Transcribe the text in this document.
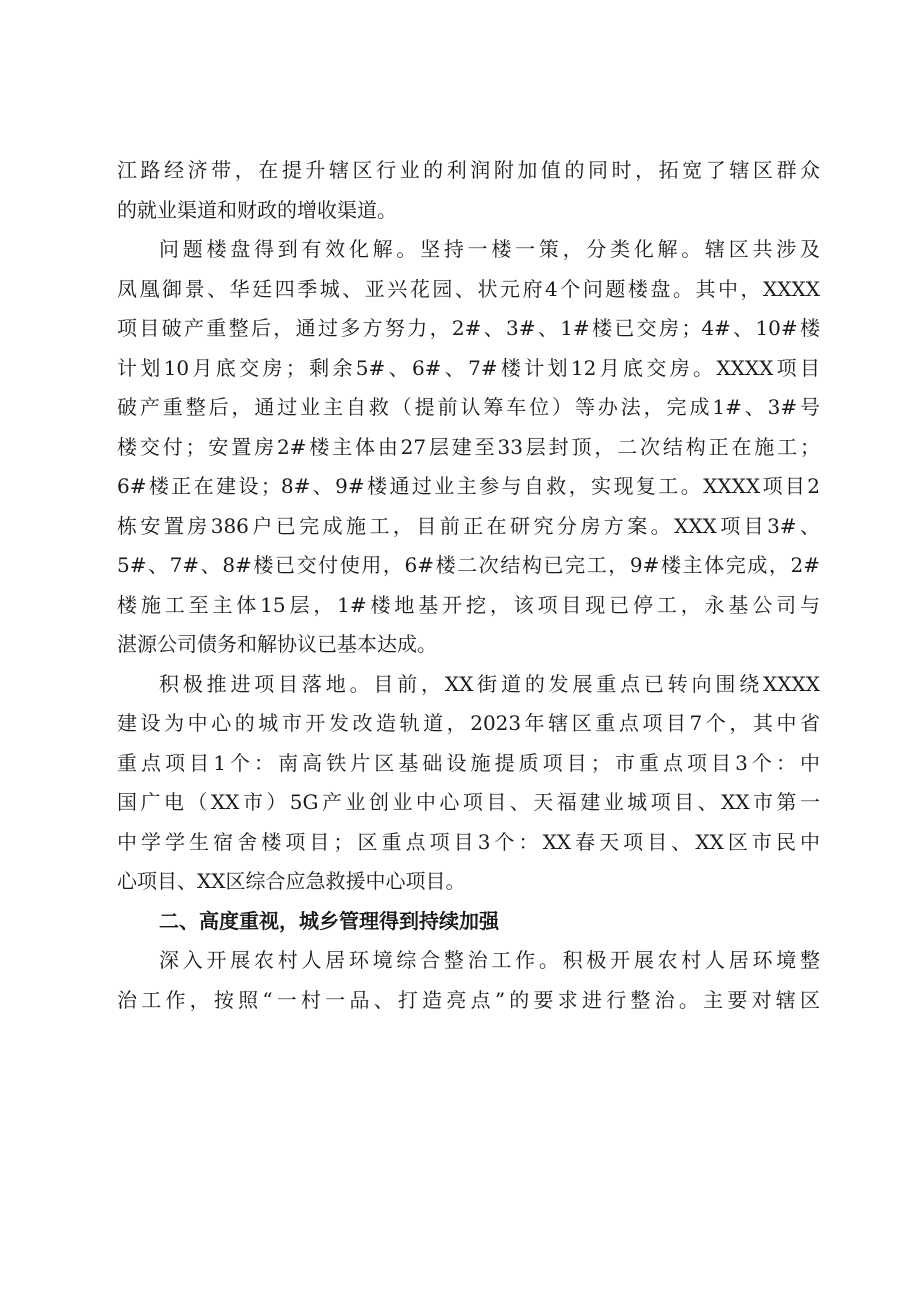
江路经济带，在提升辖区行业的利润附加值的同时，拓宽了辖区群众
的就业渠道和财政的增收渠道。
问题楼盘得到有效化解。坚持一楼一策，分类化解。辖区共涉及
凤凰御景、华廷四季城、亚兴花园、状元府4个问题楼盘。其中，XXXX
项目破产重整后，通过多方努力，2#、3#、1#楼已交房；4#、10#楼
计划10月底交房；剩余5#、6#、7#楼计划12月底交房。XXXX项目
破产重整后，通过业主自救（提前认筹车位）等办法，完成1#、3#号
楼交付；安置房2#楼主体由27层建至33层封顶，二次结构正在施工；
6#楼正在建设；8#、9#楼通过业主参与自救，实现复工。XXXX项目2
栋安置房386户已完成施工，目前正在研究分房方案。XXX项目3#、
5#、7#、8#楼已交付使用，6#楼二次结构已完工，9#楼主体完成，2#
楼施工至主体15层，1#楼地基开挖，该项目现已停工，永基公司与
湛源公司债务和解协议已基本达成。
积极推进项目落地。目前，XX街道的发展重点已转向围绕XXXX
建设为中心的城市开发改造轨道，2023年辖区重点项目7个，其中省
重点项目1个：南高铁片区基础设施提质项目；市重点项目3个：中
国广电（XX市）5G产业创业中心项目、天福建业城项目、XX市第一
中学学生宿舍楼项目；区重点项目3个：XX春天项目、XX区市民中
心项目、XX区综合应急救援中心项目。
二、高度重视，城乡管理得到持续加强
深入开展农村人居环境综合整治工作。积极开展农村人居环境整
治工作，按照“一村一品、打造亮点”的要求进行整治。主要对辖区
